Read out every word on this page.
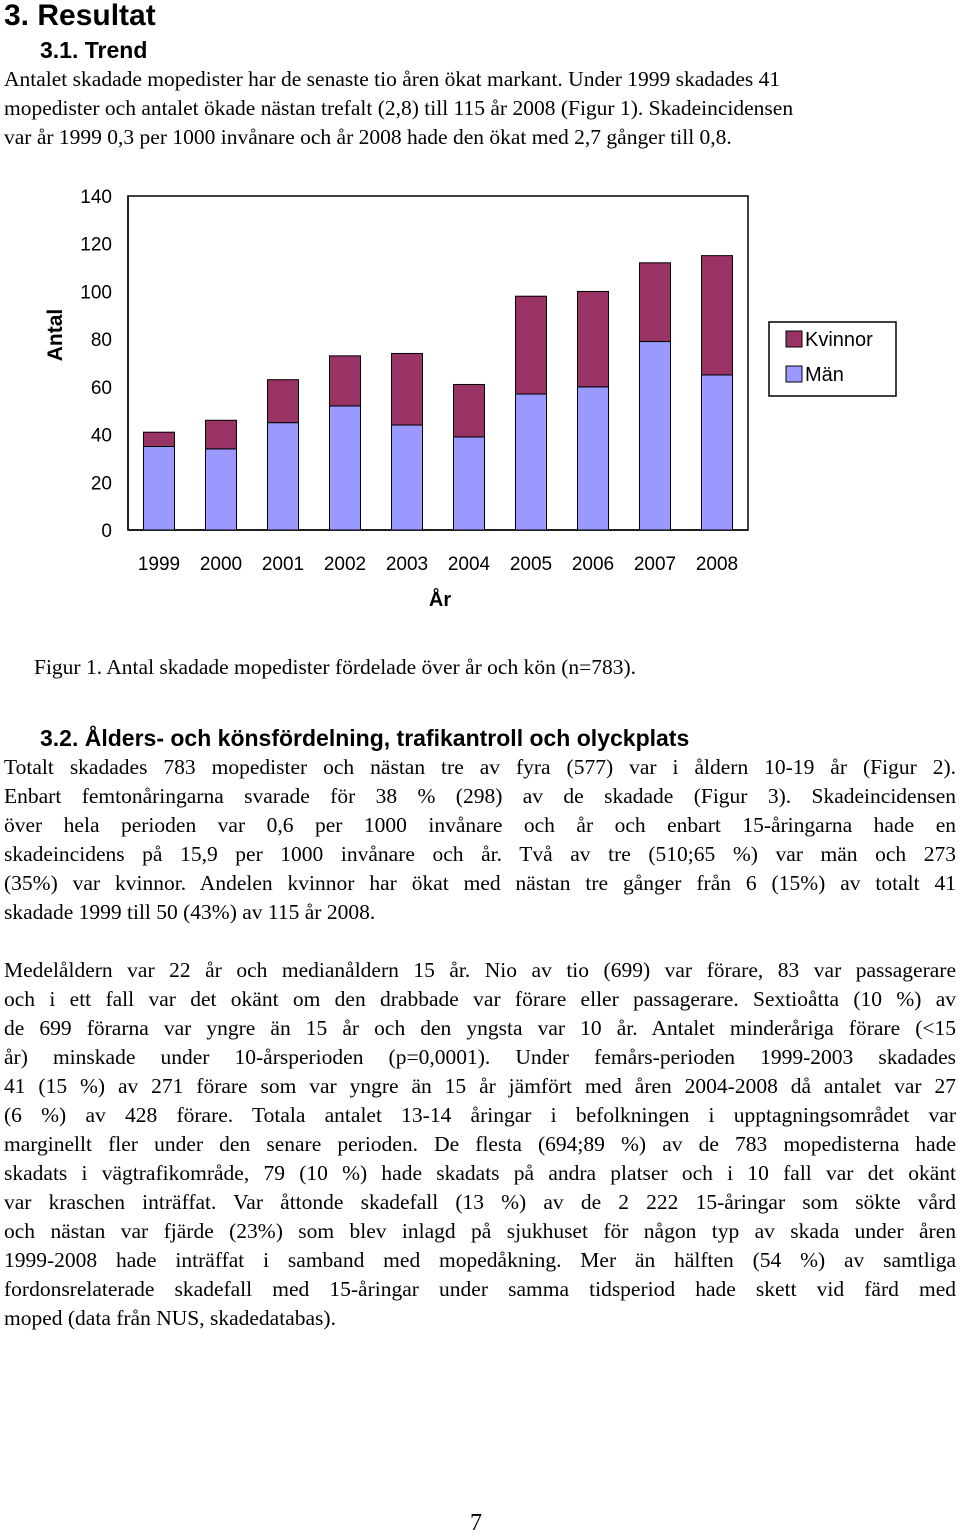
3. Resultat
3.1. Trend
Antalet skadade mopedister har de senaste tio åren ökat markant. Under 1999 skadades 41
mopedister och antalet ökade nästan trefalt (2,8) till 115 år 2008 (Figur 1). Skadeincidensen
var år 1999 0,3 per 1000 invånare och år 2008 hade den ökat med 2,7 gånger till 0,8.
0
20
40
60
80
100
120
140
Antal
1999 2000 2001 2002 2003 2004 2005 2006 2007 2008
År
Kvinnor
Män
Figur 1. Antal skadade mopedister fördelade över år och kön (n=783).
3.2. Ålders- och könsfördelning, trafikantroll och olyckplats
Totalt skadades 783 mopedister och nästan tre av fyra (577) var i åldern 10-19 år (Figur 2).
Enbart femtonåringarna svarade för 38 % (298) av de skadade (Figur 3). Skadeincidensen
över hela perioden var 0,6 per 1000 invånare och år och enbart 15-åringarna hade en
skadeincidens på 15,9 per 1000 invånare och år. Två av tre (510;65 %) var män och 273
(35%) var kvinnor. Andelen kvinnor har ökat med nästan tre gånger från 6 (15%) av totalt 41
skadade 1999 till 50 (43%) av 115 år 2008.
Medelåldern var 22 år och medianåldern 15 år. Nio av tio (699) var förare, 83 var passagerare
och i ett fall var det okänt om den drabbade var förare eller passagerare. Sextioåtta (10 %) av
de 699 förarna var yngre än 15 år och den yngsta var 10 år. Antalet minderåriga förare (<15
år) minskade under 10-årsperioden (p=0,0001). Under femårs-perioden 1999-2003 skadades
41 (15 %) av 271 förare som var yngre än 15 år jämfört med åren 2004-2008 då antalet var 27
(6 %) av 428 förare. Totala antalet 13-14 åringar i befolkningen i upptagningsområdet var
marginellt fler under den senare perioden. De flesta (694;89 %) av de 783 mopedisterna hade
skadats i vägtrafikområde, 79 (10 %) hade skadats på andra platser och i 10 fall var det okänt
var kraschen inträffat. Var åttonde skadefall (13 %) av de 2 222 15-åringar som sökte vård
och nästan var fjärde (23%) som blev inlagd på sjukhuset för någon typ av skada under åren
1999-2008 hade inträffat i samband med mopedåkning. Mer än hälften (54 %) av samtliga
fordonsrelaterade skadefall med 15-åringar under samma tidsperiod hade skett vid färd med
moped (data från NUS, skadedatabas).
7
